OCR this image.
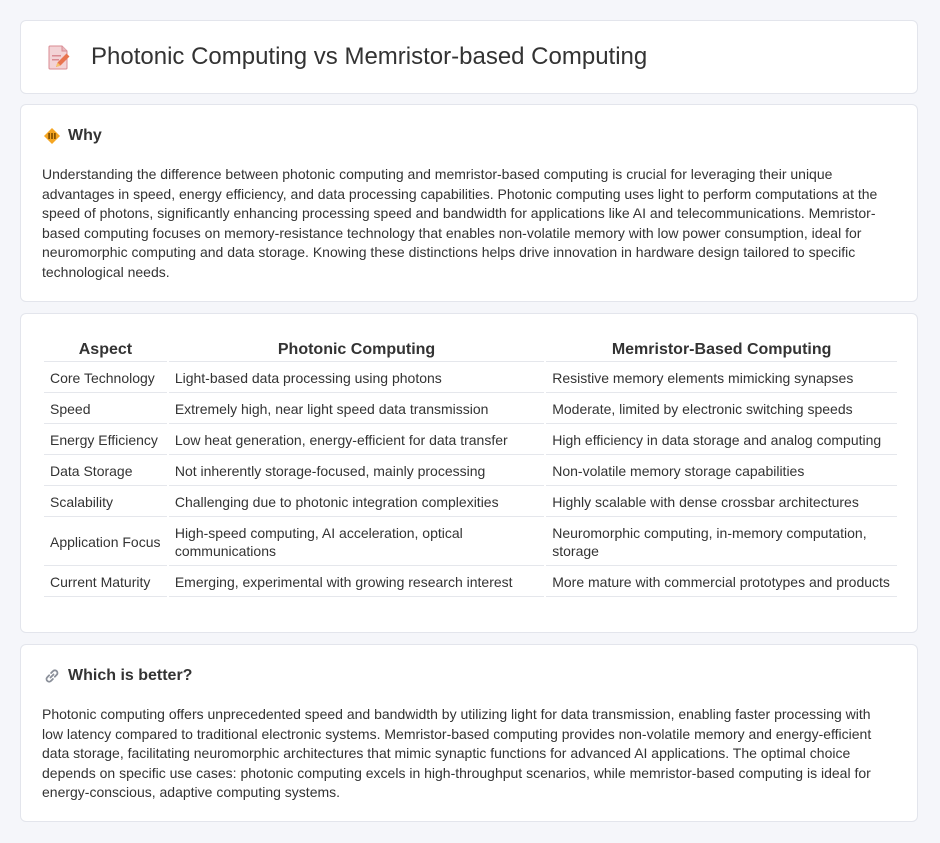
Photonic Computing vs Memristor-based Computing
Why

Understanding the difference between photonic computing and memristor-based computing is crucial for leveraging their unique advantages in speed, energy efficiency, and data processing capabilities. Photonic computing uses light to perform computations at the speed of photons, significantly enhancing processing speed and bandwidth for applications like AI and telecommunications. Memristor-based computing focuses on memory-resistance technology that enables non-volatile memory with low power consumption, ideal for neuromorphic computing and data storage. Knowing these distinctions helps drive innovation in hardware design tailored to specific technological needs.

Aspect	Photonic Computing	Memristor-Based Computing
Core Technology	Light-based data processing using photons	Resistive memory elements mimicking synapses
Speed	Extremely high, near light speed data transmission	Moderate, limited by electronic switching speeds
Energy Efficiency	Low heat generation, energy-efficient for data transfer	High efficiency in data storage and analog computing
Data Storage	Not inherently storage-focused, mainly processing	Non-volatile memory storage capabilities
Scalability	Challenging due to photonic integration complexities	Highly scalable with dense crossbar architectures
Application Focus	High-speed computing, AI acceleration, optical communications	Neuromorphic computing, in-memory computation, storage
Current Maturity	Emerging, experimental with growing research interest	More mature with commercial prototypes and products
Which is better?

Photonic computing offers unprecedented speed and bandwidth by utilizing light for data transmission, enabling faster processing with low latency compared to traditional electronic systems. Memristor-based computing provides non-volatile memory and energy-efficient data storage, facilitating neuromorphic architectures that mimic synaptic functions for advanced AI applications. The optimal choice depends on specific use cases: photonic computing excels in high-throughput scenarios, while memristor-based computing is ideal for energy-conscious, adaptive computing systems.
